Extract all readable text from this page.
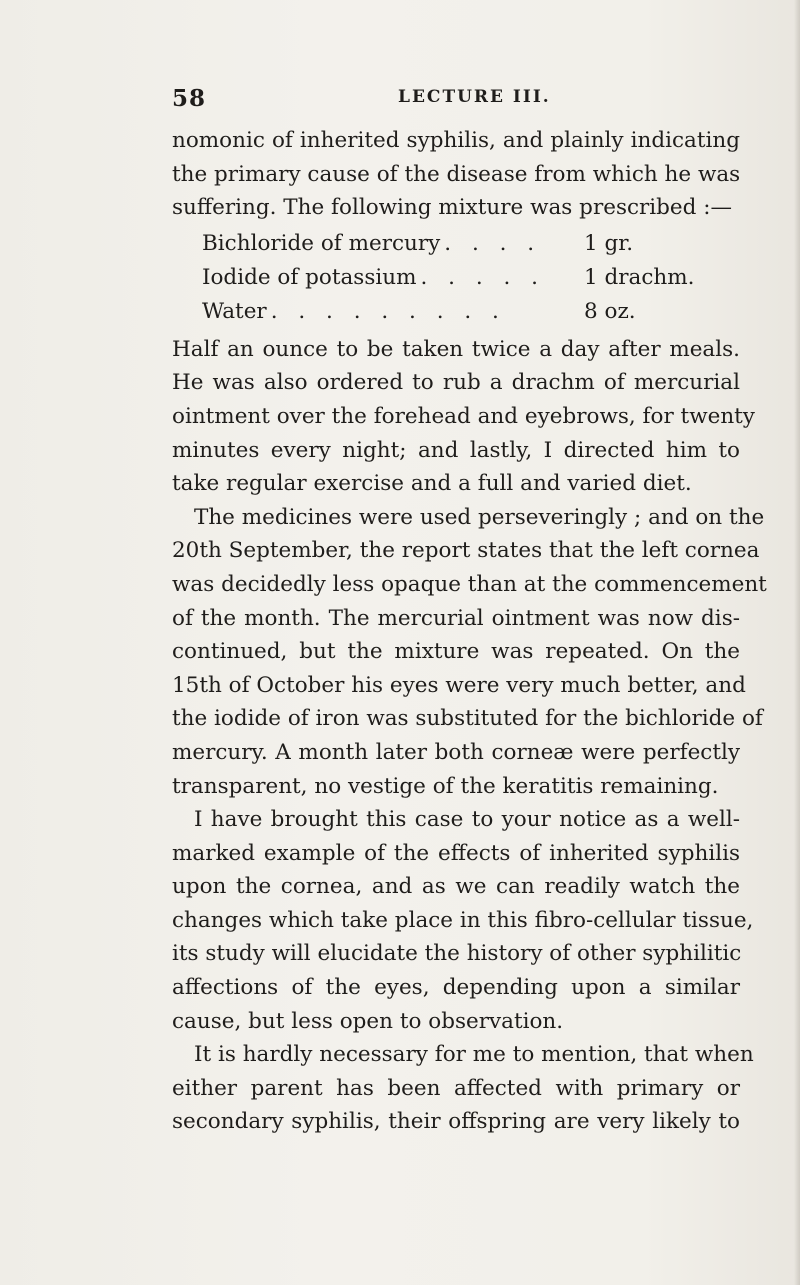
58	LECTURE III.
nomonic of inherited syphilis, and plainly indicating
the primary cause of the disease from which he was
suffering. The following mixture was prescribed :—
Bichloride of mercury . . . .	1 gr.
Iodide of potassium . . . . .	1 drachm.
Water . . . . . . . . .	8 oz.
Half an ounce to be taken twice a day after meals.
He was also ordered to rub a drachm of mercurial
ointment over the forehead and eyebrows, for twenty
minutes every night; and lastly, I directed him to
take regular exercise and a full and varied diet.
The medicines were used perseveringly ; and on the
20th September, the report states that the left cornea
was decidedly less opaque than at the commencement
of the month. The mercurial ointment was now dis-
continued, but the mixture was repeated. On the
15th of October his eyes were very much better, and
the iodide of iron was substituted for the bichloride of
mercury. A month later both corneæ were perfectly
transparent, no vestige of the keratitis remaining.
I have brought this case to your notice as a well-
marked example of the effects of inherited syphilis
upon the cornea, and as we can readily watch the
changes which take place in this fibro-cellular tissue,
its study will elucidate the history of other syphilitic
affections of the eyes, depending upon a similar
cause, but less open to observation.
It is hardly necessary for me to mention, that when
either parent has been affected with primary or
secondary syphilis, their offspring are very likely to
